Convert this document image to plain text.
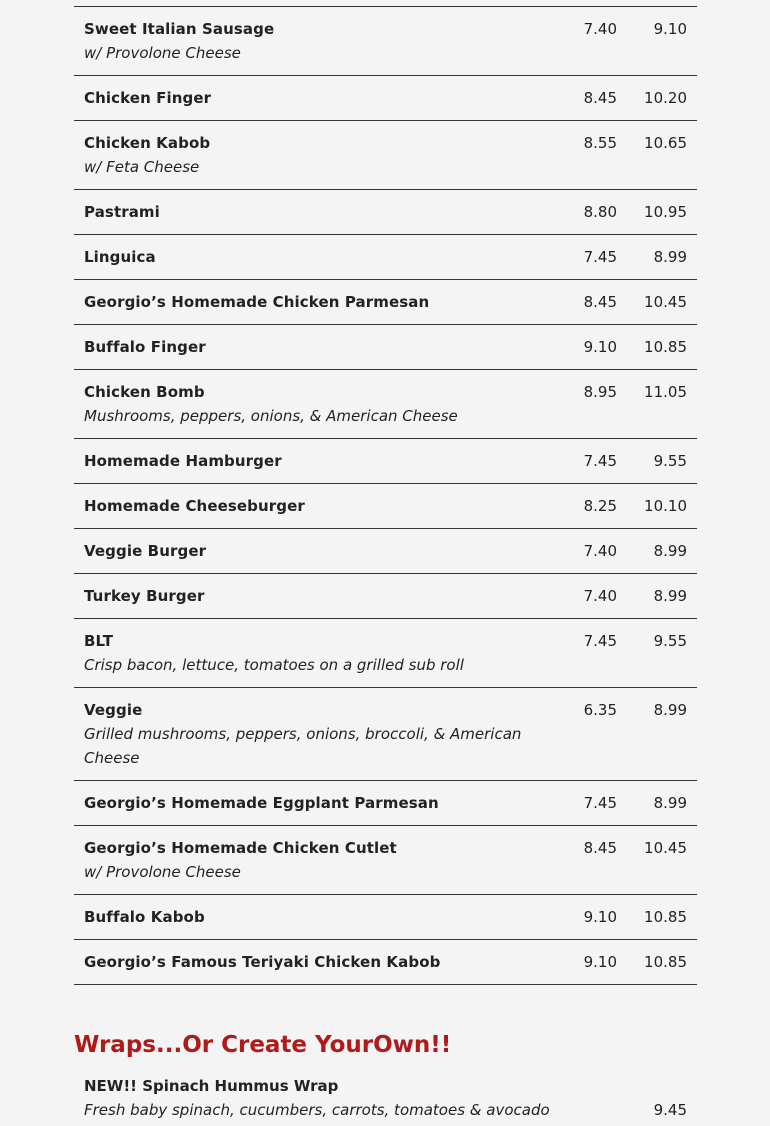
Sweet Italian Sausage
w/ Provolone Cheese
7.40	9.10
Chicken Finger	8.45	10.20
Chicken Kabob
w/ Feta Cheese
8.55	10.65
Pastrami	8.80	10.95
Linguica	7.45	8.99
Georgio’s Homemade Chicken Parmesan	8.45	10.45
Buffalo Finger	9.10	10.85
Chicken Bomb
Mushrooms, peppers, onions, & American Cheese
8.95	11.05
Homemade Hamburger	7.45	9.55
Homemade Cheeseburger	8.25	10.10
Veggie Burger	7.40	8.99
Turkey Burger	7.40	8.99
BLT
Crisp bacon, lettuce, tomatoes on a grilled sub roll
7.45	9.55
Veggie
Grilled mushrooms, peppers, onions, broccoli, & American Cheese
6.35	8.99
Georgio’s Homemade Eggplant Parmesan	7.45	8.99
Georgio’s Homemade Chicken Cutlet
w/ Provolone Cheese
8.45	10.45
Buffalo Kabob	9.10	10.85
Georgio’s Famous Teriyaki Chicken Kabob	9.10	10.85
Wraps...Or Create YourOwn!!
NEW!! Spinach Hummus Wrap
Fresh baby spinach, cucumbers, carrots, tomatoes & avocado	9.45
